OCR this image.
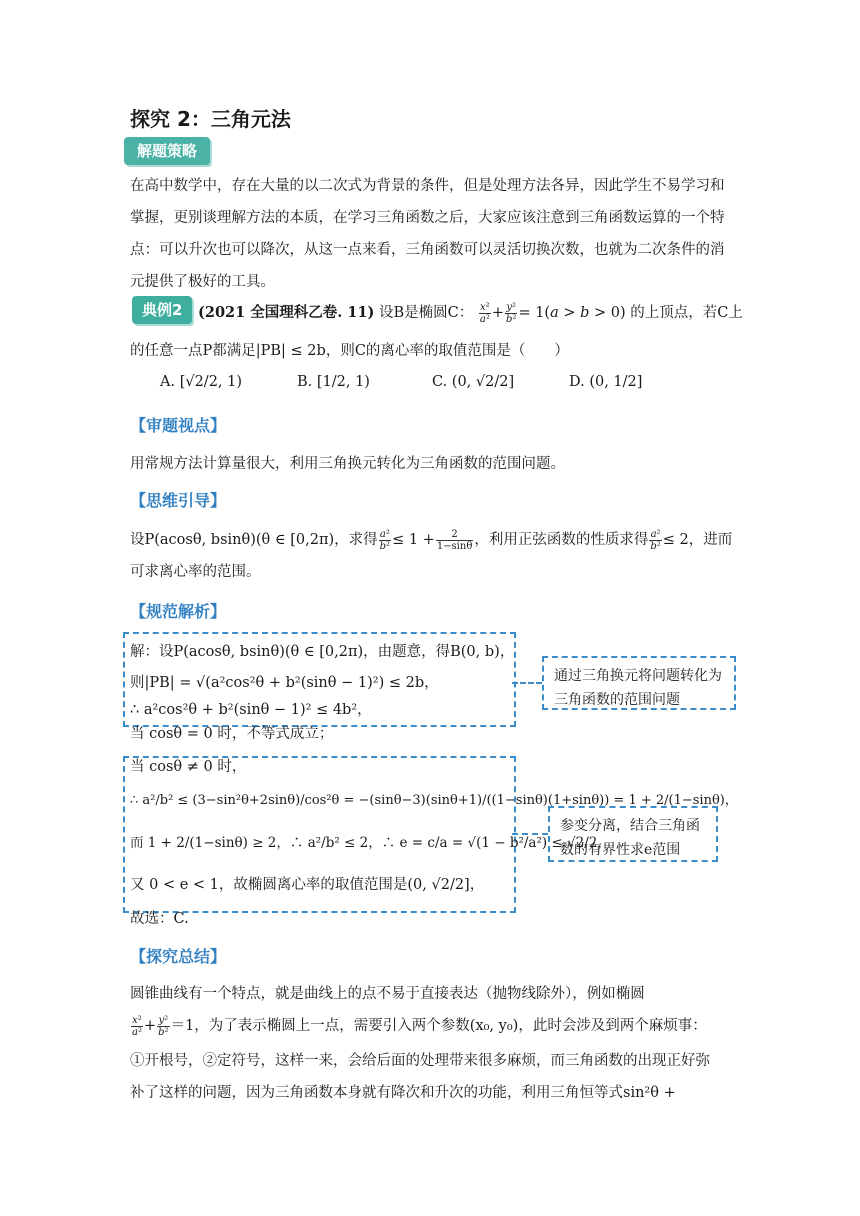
探究 2：三角元法
解题策略
在高中数学中，存在大量的以二次式为背景的条件，但是处理方法各异，因此学生不易学习和掌握，更别谈理解方法的本质，在学习三角函数之后，大家应该注意到三角函数运算的一个特点：可以升次也可以降次，从这一点来看，三角函数可以灵活切换次数，也就为二次条件的消元提供了极好的工具。
典例2	(2021 全国理科乙卷. 11) 设B是椭圆C： $\frac{\text{x²}}{\text{a²}} + \frac{\text{y²}}{\text{b²}} = 1(a > b > 0)$ 的上顶点，若C上
的任意一点P都满足|PB| ≤ 2b，则C的离心率的取值范围是（　　）
A. [√2/2, 1)	B. [1/2, 1)	C. (0, √2/2]	D. (0, 1/2]
【审题视点】
用常规方法计算量很大，利用三角换元转化为三角函数的范围问题。
【思维引导】
设P(acosθ, bsinθ)(θ ∈ [0,2π)，求得 $\frac{\text{a²}}{\text{b²}} \le 1 + \frac{2}{1-\sin\theta}$ ，利用正弦函数的性质求得 $\frac{\text{a²}}{\text{b²}} \le 2$，进而
可求离心率的范围。
【规范解析】
解：设P(acosθ, bsinθ)(θ ∈ [0,2π)，由题意，得B(0, b)，
则|PB| = √(a²cos²θ + b²(sinθ − 1)²) ≤ 2b，
∴ a²cos²θ + b²(sinθ − 1)² ≤ 4b²，
当 cosθ = 0 时，不等式成立；
当 cosθ ≠ 0 时，
∴ a²/b² ≤ (3−sin²θ+2sinθ)/cos²θ = −(sinθ−3)(sinθ+1)/((1−sinθ)(1+sinθ)) = 1 + 2/(1−sinθ)，
而 1 + 2/(1−sinθ) ≥ 2，∴ a²/b² ≤ 2，∴ e = c/a = √(1 − b²/a²) ≤ √2/2，
又 0 < e < 1，故椭圆离心率的取值范围是(0, √2/2]，
故选：C.
通过三角换元将问题转化为三角函数的范围问题
参变分离，结合三角函数的有界性求e范围
【探究总结】
圆锥曲线有一个特点，就是曲线上的点不易于直接表达（抛物线除外），例如椭圆
$\frac{\text{x²}}{\text{a²}} + \frac{\text{y²}}{\text{b²}} =1$，为了表示椭圆上一点，需要引入两个参数(x₀, y₀)，此时会涉及到两个麻烦事：
①开根号，②定符号，这样一来，会给后面的处理带来很多麻烦，而三角函数的出现正好弥
补了这样的问题，因为三角函数本身就有降次和升次的功能，利用三角恒等式sin²θ +
